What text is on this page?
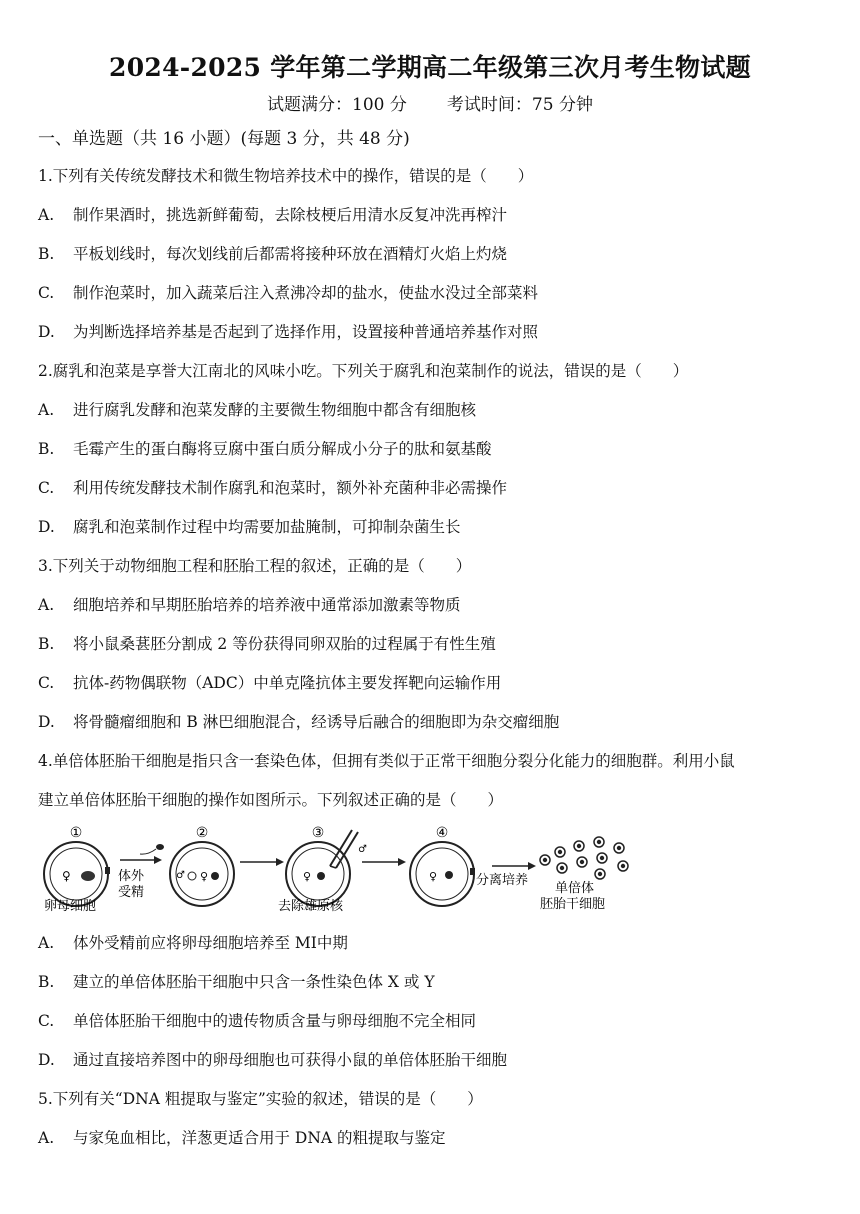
2024-2025 学年第二学期高二年级第三次月考生物试题
试题满分：100 分 考试时间：75 分钟
一、单选题（共 16 小题）(每题 3 分，共 48 分)
1.下列有关传统发酵技术和微生物培养技术中的操作，错误的是（　　）
A. 制作果酒时，挑选新鲜葡萄，去除枝梗后用清水反复冲洗再榨汁
B. 平板划线时，每次划线前后都需将接种环放在酒精灯火焰上灼烧
C. 制作泡菜时，加入蔬菜后注入煮沸冷却的盐水，使盐水没过全部菜料
D. 为判断选择培养基是否起到了选择作用，设置接种普通培养基作对照
2.腐乳和泡菜是享誉大江南北的风味小吃。下列关于腐乳和泡菜制作的说法，错误的是（　　）
A. 进行腐乳发酵和泡菜发酵的主要微生物细胞中都含有细胞核
B. 毛霉产生的蛋白酶将豆腐中蛋白质分解成小分子的肽和氨基酸
C. 利用传统发酵技术制作腐乳和泡菜时，额外补充菌种非必需操作
D. 腐乳和泡菜制作过程中均需要加盐腌制，可抑制杂菌生长
3.下列关于动物细胞工程和胚胎工程的叙述，正确的是（　　）
A. 细胞培养和早期胚胎培养的培养液中通常添加激素等物质
B. 将小鼠桑葚胚分割成 2 等份获得同卵双胎的过程属于有性生殖
C. 抗体-药物偶联物（ADC）中单克隆抗体主要发挥靶向运输作用
D. 将骨髓瘤细胞和 B 淋巴细胞混合，经诱导后融合的细胞即为杂交瘤细胞
4.单倍体胚胎干细胞是指只含一套染色体，但拥有类似于正常干细胞分裂分化能力的细胞群。利用小鼠
建立单倍体胚胎干细胞的操作如图所示。下列叙述正确的是（　　）
①
♀
卵母细胞
体外
受精
②
♂ ♀
③
♀
♂
去除雄原核
④
♀	分离培养
单倍体
胚胎干细胞
A. 体外受精前应将卵母细胞培养至 MⅠ中期
B. 建立的单倍体胚胎干细胞中只含一条性染色体 X 或 Y
C. 单倍体胚胎干细胞中的遗传物质含量与卵母细胞不完全相同
D. 通过直接培养图中的卵母细胞也可获得小鼠的单倍体胚胎干细胞
5.下列有关“DNA 粗提取与鉴定”实验的叙述，错误的是（　　）
A. 与家兔血相比，洋葱更适合用于 DNA 的粗提取与鉴定
